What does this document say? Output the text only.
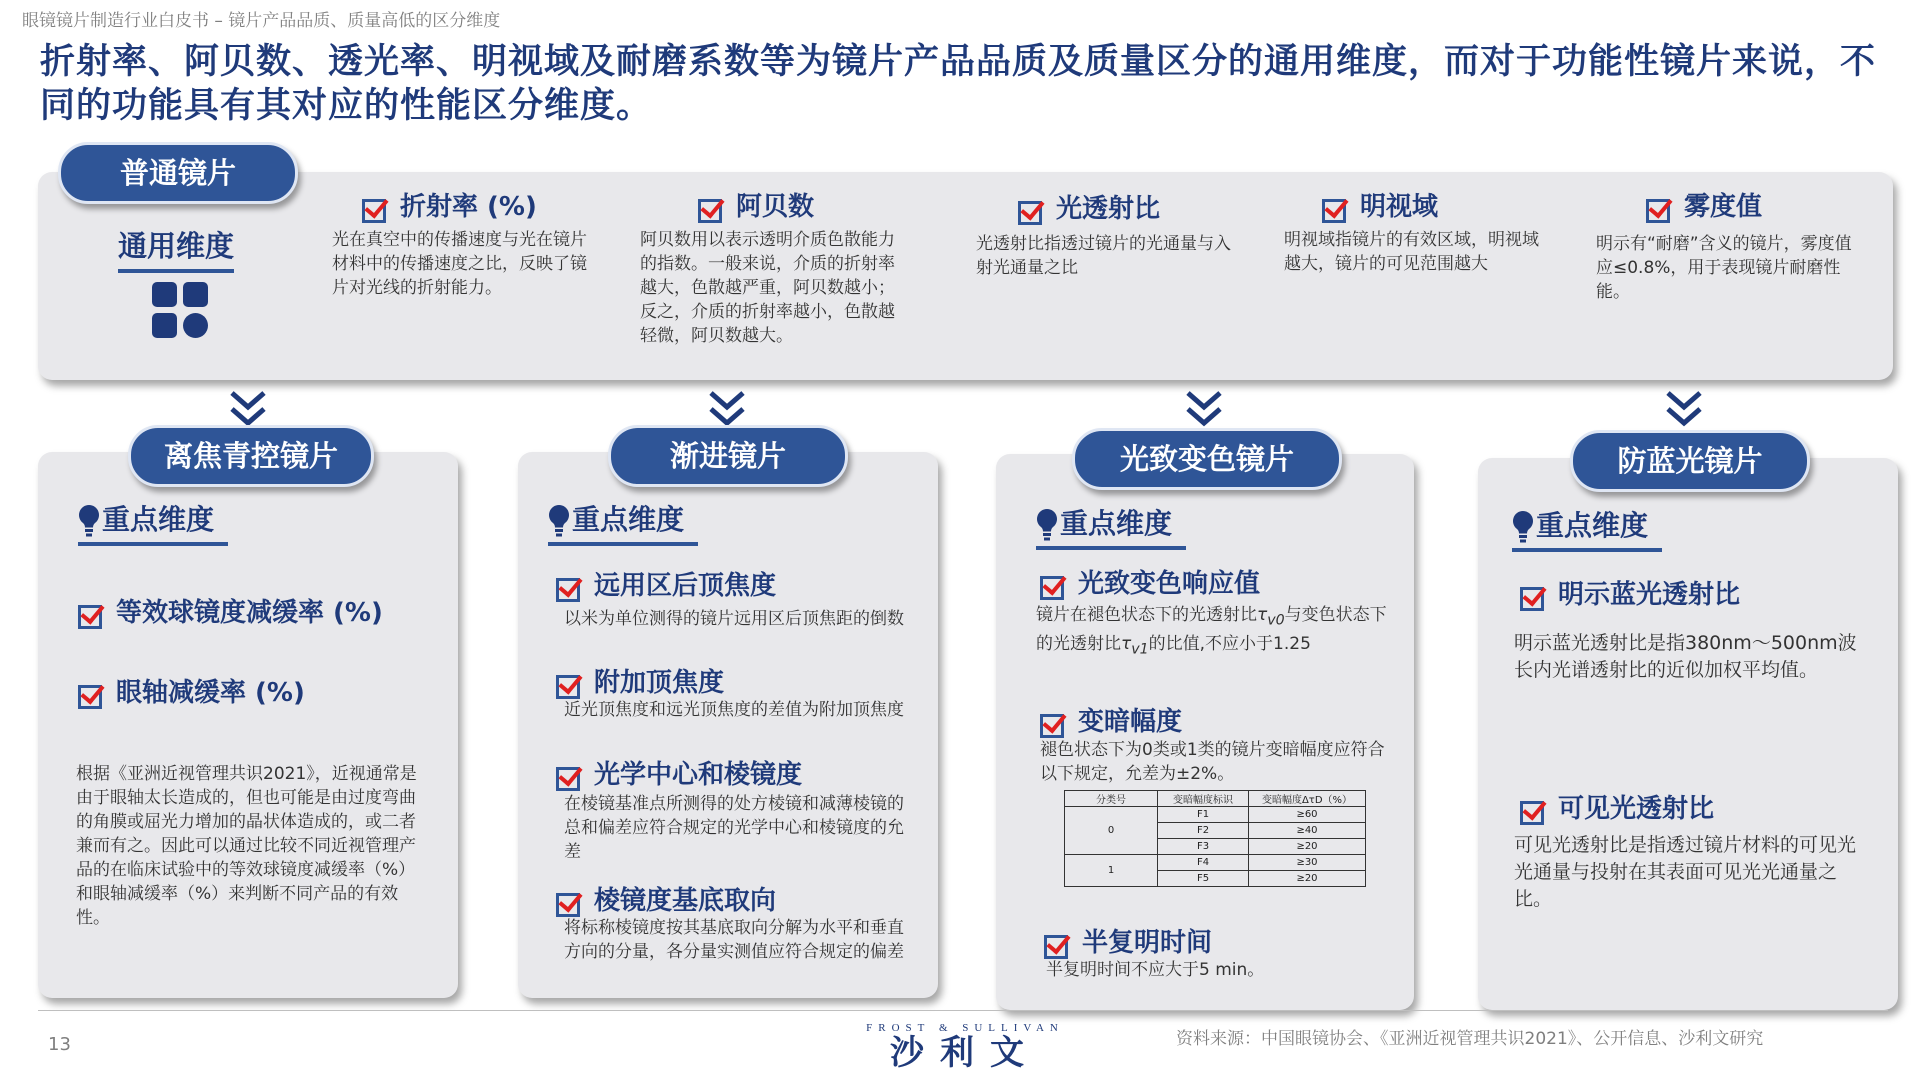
眼镜镜片制造行业白皮书 – 镜片产品品质、质量高低的区分维度
折射率、阿贝数、透光率、明视域及耐磨系数等为镜片产品品质及质量区分的通用维度，而对于功能性镜片来说，不同的功能具有其对应的性能区分维度。
普通镜片
通用维度
折射率 (%)
光在真空中的传播速度与光在镜片材料中的传播速度之比，反映了镜片对光线的折射能力。
阿贝数
阿贝数用以表示透明介质色散能力的指数。一般来说，介质的折射率越大，色散越严重，阿贝数越小；反之，介质的折射率越小，色散越轻微，阿贝数越大。
光透射比
光透射比指透过镜片的光通量与入射光通量之比
明视域
明视域指镜片的有效区域，明视域越大，镜片的可见范围越大
雾度值
明示有“耐磨”含义的镜片，雾度值应≤0.8%，用于表现镜片耐磨性能。
离焦青控镜片
重点维度
等效球镜度减缓率 (%)
眼轴减缓率 (%)
根据《亚洲近视管理共识2021》，近视通常是由于眼轴太长造成的，但也可能是由过度弯曲的角膜或屈光力增加的晶状体造成的，或二者兼而有之。因此可以通过比较不同近视管理产品的在临床试验中的等效球镜度减缓率（%）和眼轴减缓率（%）来判断不同产品的有效性。
渐进镜片
重点维度
远用区后顶焦度
以米为单位测得的镜片远用区后顶焦距的倒数
附加顶焦度
近光顶焦度和远光顶焦度的差值为附加顶焦度
光学中心和棱镜度
在棱镜基准点所测得的处方棱镜和减薄棱镜的总和偏差应符合规定的光学中心和棱镜度的允差
棱镜度基底取向
将标称棱镜度按其基底取向分解为水平和垂直方向的分量，各分量实测值应符合规定的偏差
光致变色镜片
重点维度
光致变色响应值
镜片在褪色状态下的光透射比$\tau_{v0}$与变色状态下的光透射比$\tau_{v1}$的比值,不应小于1.25
变暗幅度
褪色状态下为0类或1类的镜片变暗幅度应符合以下规定，允差为±2%。
分类号	变暗幅度标识	变暗幅度ΔτD（%）
0	F1	≥60
	F2	≥40
	F3	≥20
1	F4	≥30
	F5	≥20
半复明时间
半复明时间不应大于5 min。
防蓝光镜片
重点维度
明示蓝光透射比
明示蓝光透射比是指380nm～500nm波长内光谱透射比的近似加权平均值。
可见光透射比
可见光透射比是指透过镜片材料的可见光光通量与投射在其表面可见光光通量之比。
13
FROST & SULLIVAN
沙利文	资料来源：中国眼镜协会、《亚洲近视管理共识2021》、公开信息、沙利文研究
